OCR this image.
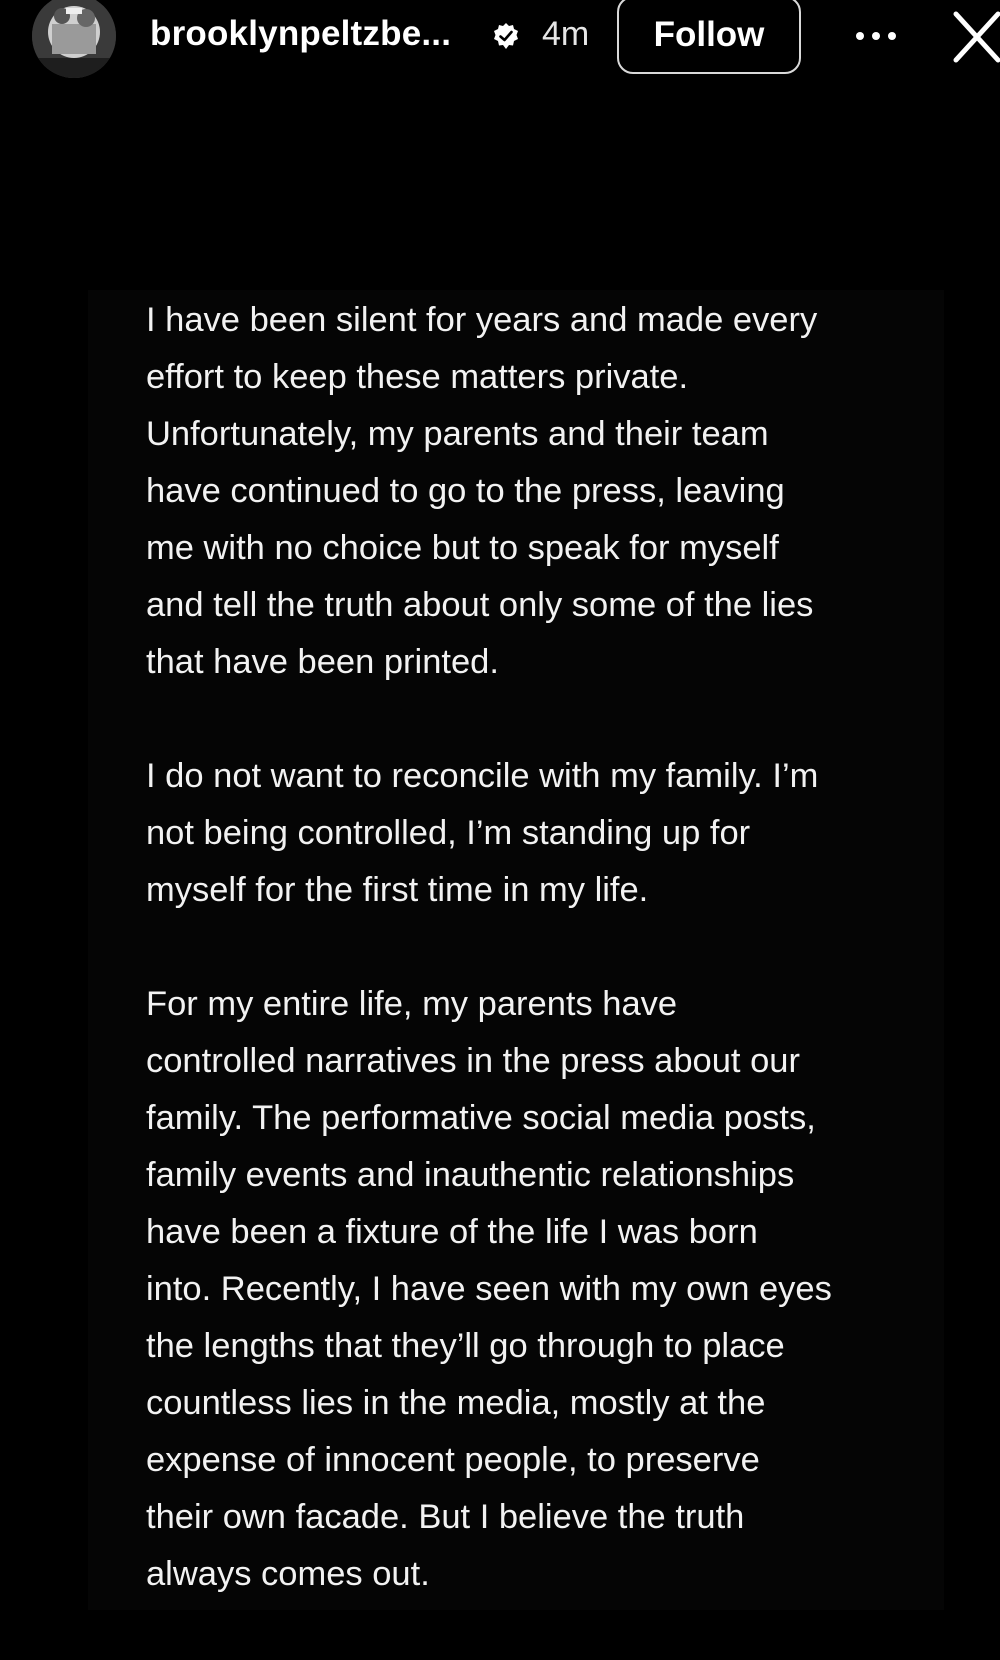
brooklynpeltzbe...	4m	Follow

I have been silent for years and made every
effort to keep these matters private.
Unfortunately, my parents and their team
have continued to go to the press, leaving
me with no choice but to speak for myself
and tell the truth about only some of the lies
that have been printed.

I do not want to reconcile with my family. I’m
not being controlled, I’m standing up for
myself for the first time in my life.

For my entire life, my parents have
controlled narratives in the press about our
family. The performative social media posts,
family events and inauthentic relationships
have been a fixture of the life I was born
into. Recently, I have seen with my own eyes
the lengths that they’ll go through to place
countless lies in the media, mostly at the
expense of innocent people, to preserve
their own facade. But I believe the truth
always comes out.
